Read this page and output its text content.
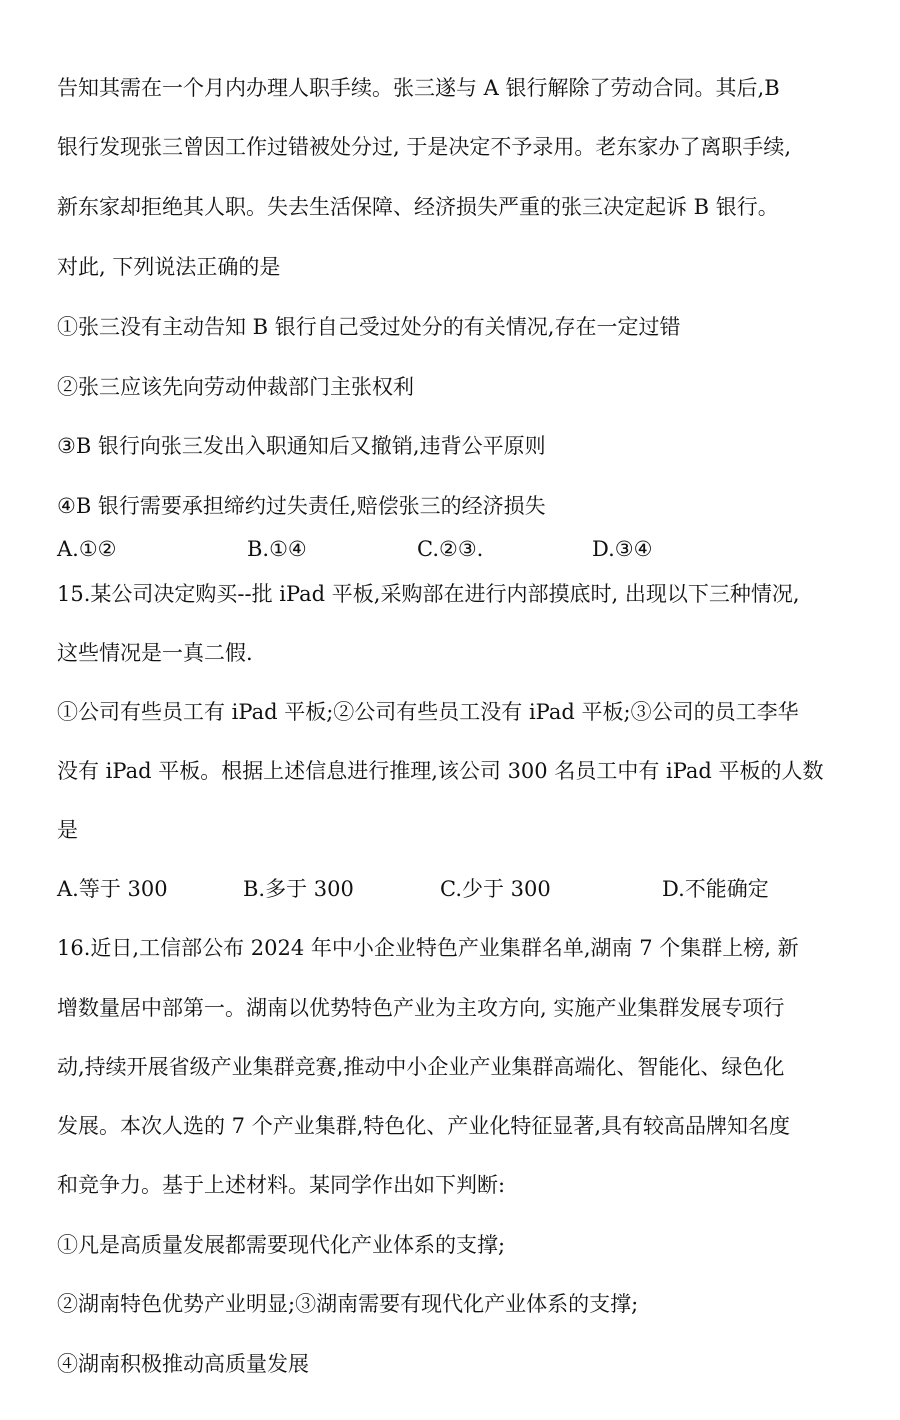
告知其需在一个月内办理人职手续。张三遂与 A 银行解除了劳动合同。其后,B
银行发现张三曾因工作过错被处分过, 于是决定不予录用。老东家办了离职手续,
新东家却拒绝其人职。失去生活保障、经济损失严重的张三决定起诉 B 银行。
对此, 下列说法正确的是
①张三没有主动告知 B 银行自己受过处分的有关情况,存在一定过错
②张三应该先向劳动仲裁部门主张权利
③B 银行向张三发出入职通知后又撤销,违背公平原则
④B 银行需要承担缔约过失责任,赔偿张三的经济损失
A.①②	B.①④	C.②③.	D.③④
15.某公司决定购买--批 iPad 平板,采购部在进行内部摸底时, 出现以下三种情况,
这些情况是一真二假.
①公司有些员工有 iPad 平板;②公司有些员工没有 iPad 平板;③公司的员工李华
没有 iPad 平板。根据上述信息进行推理,该公司 300 名员工中有 iPad 平板的人数
是
A.等于 300	B.多于 300	C.少于 300	D.不能确定
16.近日,工信部公布 2024 年中小企业特色产业集群名单,湖南 7 个集群上榜, 新
增数量居中部第一。湖南以优势特色产业为主攻方向, 实施产业集群发展专项行
动,持续开展省级产业集群竞赛,推动中小企业产业集群高端化、智能化、绿色化
发展。本次人选的 7 个产业集群,特色化、产业化特征显著,具有较高品牌知名度
和竞争力。基于上述材料。某同学作出如下判断:
①凡是高质量发展都需要现代化产业体系的支撑;
②湖南特色优势产业明显;③湖南需要有现代化产业体系的支撑;
④湖南积极推动高质量发展
